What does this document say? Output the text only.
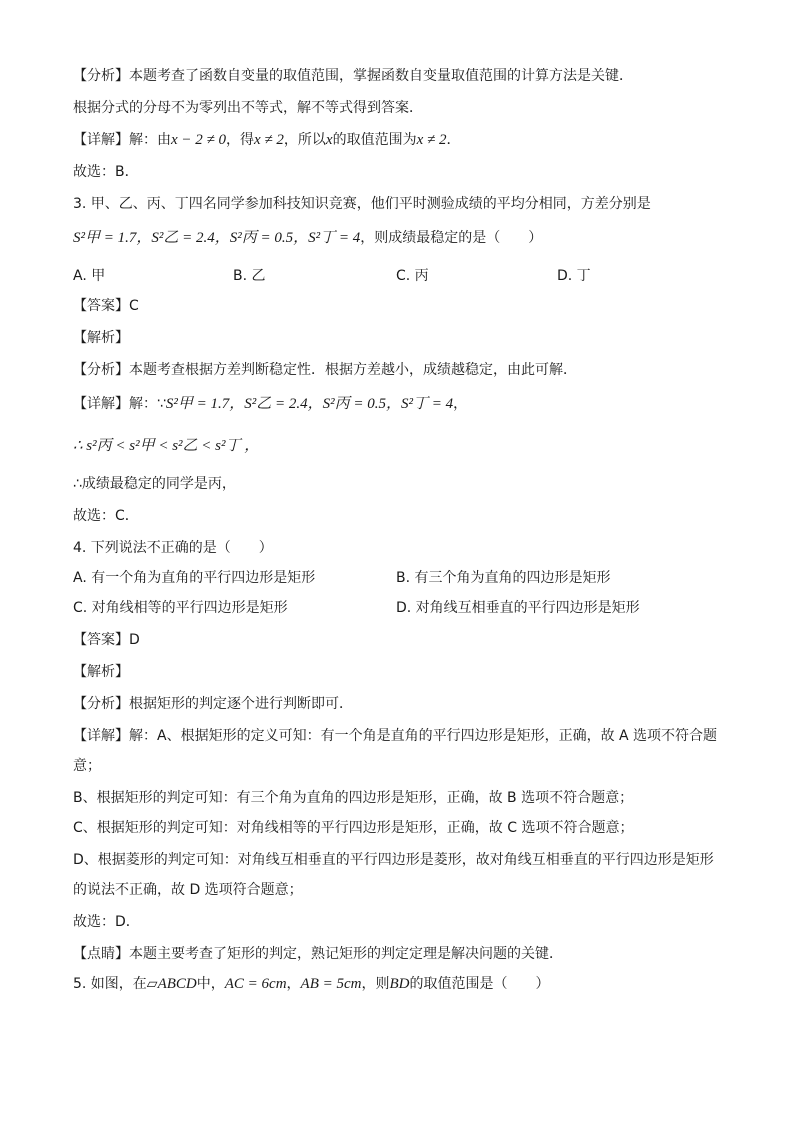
【分析】本题考查了函数自变量的取值范围，掌握函数自变量取值范围的计算方法是关键．
根据分式的分母不为零列出不等式，解不等式得到答案．
【详解】解：由x − 2 ≠ 0，得x ≠ 2，所以x的取值范围为x ≠ 2．
故选：B．
3. 甲、乙、丙、丁四名同学参加科技知识竞赛，他们平时测验成绩的平均分相同，方差分别是
S²甲 = 1.7，S²乙 = 2.4，S²丙 = 0.5，S²丁 = 4，则成绩最稳定的是（　　）
A. 甲	B. 乙	C. 丙	D. 丁
【答案】C
【解析】
【分析】本题考查根据方差判断稳定性．根据方差越小，成绩越稳定，由此可解．
【详解】解：∵S²甲 = 1.7，S²乙 = 2.4，S²丙 = 0.5，S²丁 = 4，
∴ s²丙 < s²甲 < s²乙 < s²丁 ，
∴成绩最稳定的同学是丙，
故选：C．
4. 下列说法不正确的是（　　）
A. 有一个角为直角的平行四边形是矩形	B. 有三个角为直角的四边形是矩形
C. 对角线相等的平行四边形是矩形	D. 对角线互相垂直的平行四边形是矩形
【答案】D
【解析】
【分析】根据矩形的判定逐个进行判断即可．
【详解】解：A、根据矩形的定义可知：有一个角是直角的平行四边形是矩形，正确，故 A 选项不符合题
意；
B、根据矩形的判定可知：有三个角为直角的四边形是矩形，正确，故 B 选项不符合题意；
C、根据矩形的判定可知：对角线相等的平行四边形是矩形，正确，故 C 选项不符合题意；
D、根据菱形的判定可知：对角线互相垂直的平行四边形是菱形，故对角线互相垂直的平行四边形是矩形
的说法不正确，故 D 选项符合题意；
故选：D．
【点睛】本题主要考查了矩形的判定，熟记矩形的判定定理是解决问题的关键．
5. 如图，在▱ABCD中，AC = 6cm，AB = 5cm，则BD的取值范围是（　　）
